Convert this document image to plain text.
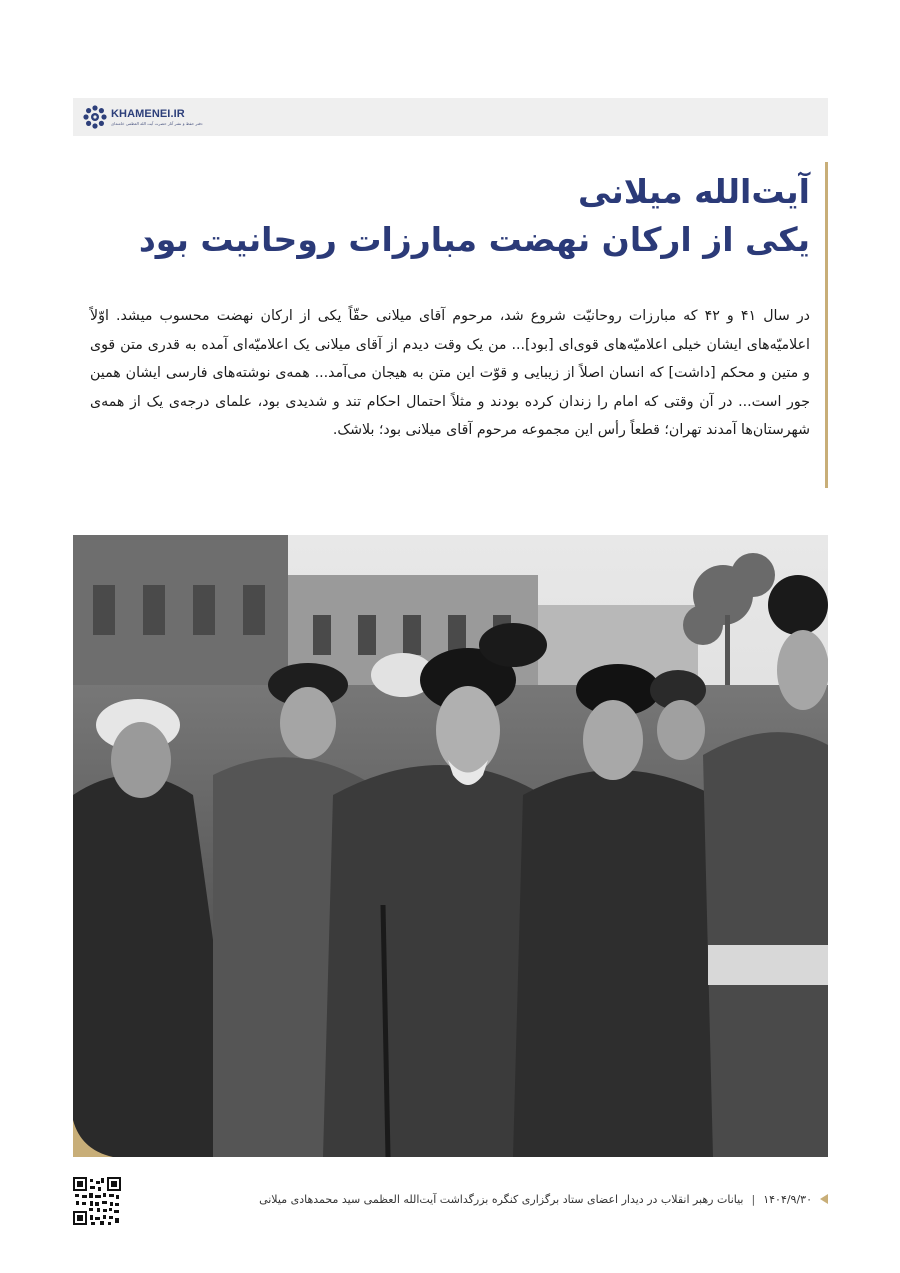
KHAMENEI.IR
دفتر حفظ و نشر آثار حضرت آیت الله العظمی خامنه‌ای
آیت‌الله میلانی
یکی از ارکان نهضت مبارزات روحانیت بود

در سال ۴۱ و ۴۲ که مبارزات روحانیّت شروع شد، مرحوم آقای میلانی حقّاً یکی از ارکان نهضت محسوب میشد. اوّلاً اعلامیّه‌های ایشان خیلی اعلامیّه‌های قوی‌ای [بود]... من یک وقت دیدم از آقای میلانی یک اعلامیّه‌ای آمده به قدری متن قوی و متین و محکم [داشت] که انسان اصلاً از زیبایی و قوّت این متن به هیجان می‌آمد... همه‌ی نوشته‌های فارسی ایشان همین جور است... در آن وقتی که امام را زندان کرده بودند و مثلاً احتمال احکام تند و شدیدی بود، علمای درجه‌ی یک از همه‌ی شهرستان‌ها آمدند تهران؛ قطعاً رأس این مجموعه مرحوم آقای میلانی بود؛ بلاشک.

۱۴۰۴/۹/۳۰
|
بیانات رهبر انقلاب در دیدار اعضای ستاد برگزاری کنگره بزرگداشت آیت‌الله العظمی سید محمدهادی میلانی
